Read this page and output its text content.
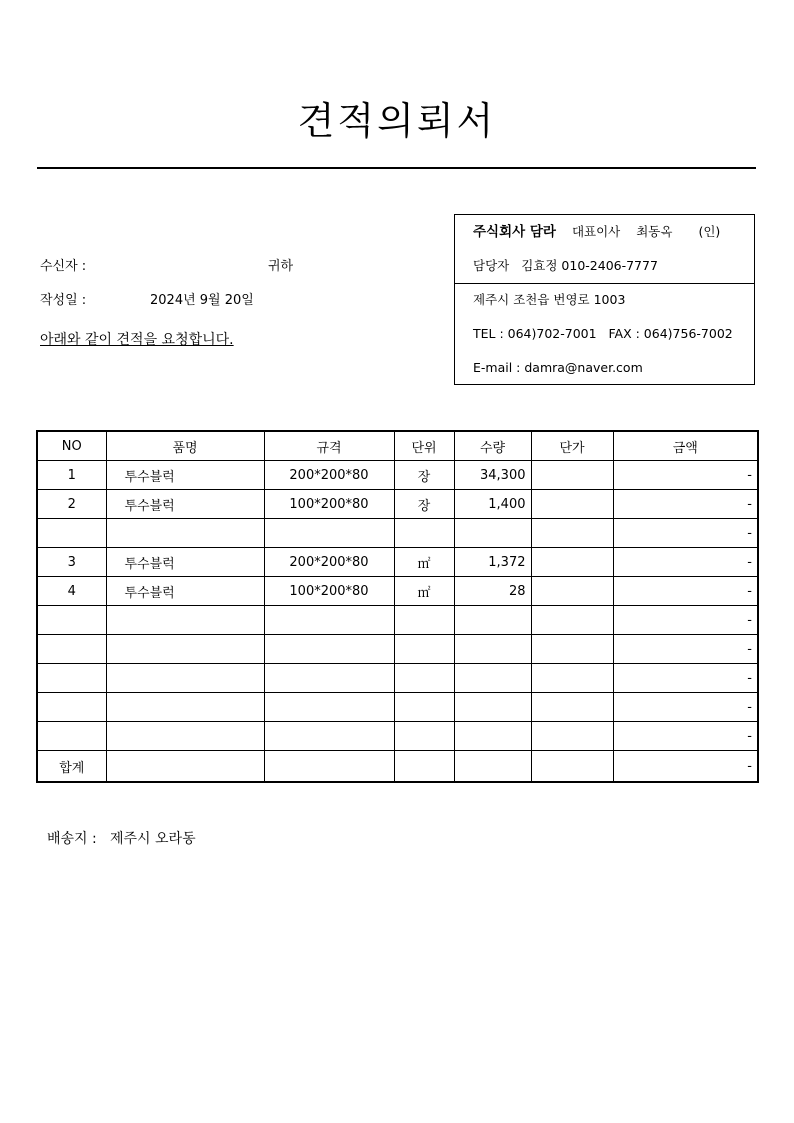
견적의뢰서
수신자 :	귀하
작성일 :	2024년 9월 20일
아래와 같이 견적을 요청합니다.
주식회사 담라 대표이사 최동옥 (인)
담당자 김효정 010-2406-7777
제주시 조천읍 번영로 1003
TEL : 064)702-7001   FAX : 064)756-7002
E-mail : damra@naver.com
NO	품명	규격	단위	수량	단가	금액
1	투수블럭	200*200*80	장	34,300		-
2	투수블럭	100*200*80	장	1,400		-
						-
3	투수블럭	200*200*80	㎡	1,372		-
4	투수블럭	100*200*80	㎡	28		-
						-
						-
						-
						-
						-
합계						-
배송지 : 제주시 오라동
